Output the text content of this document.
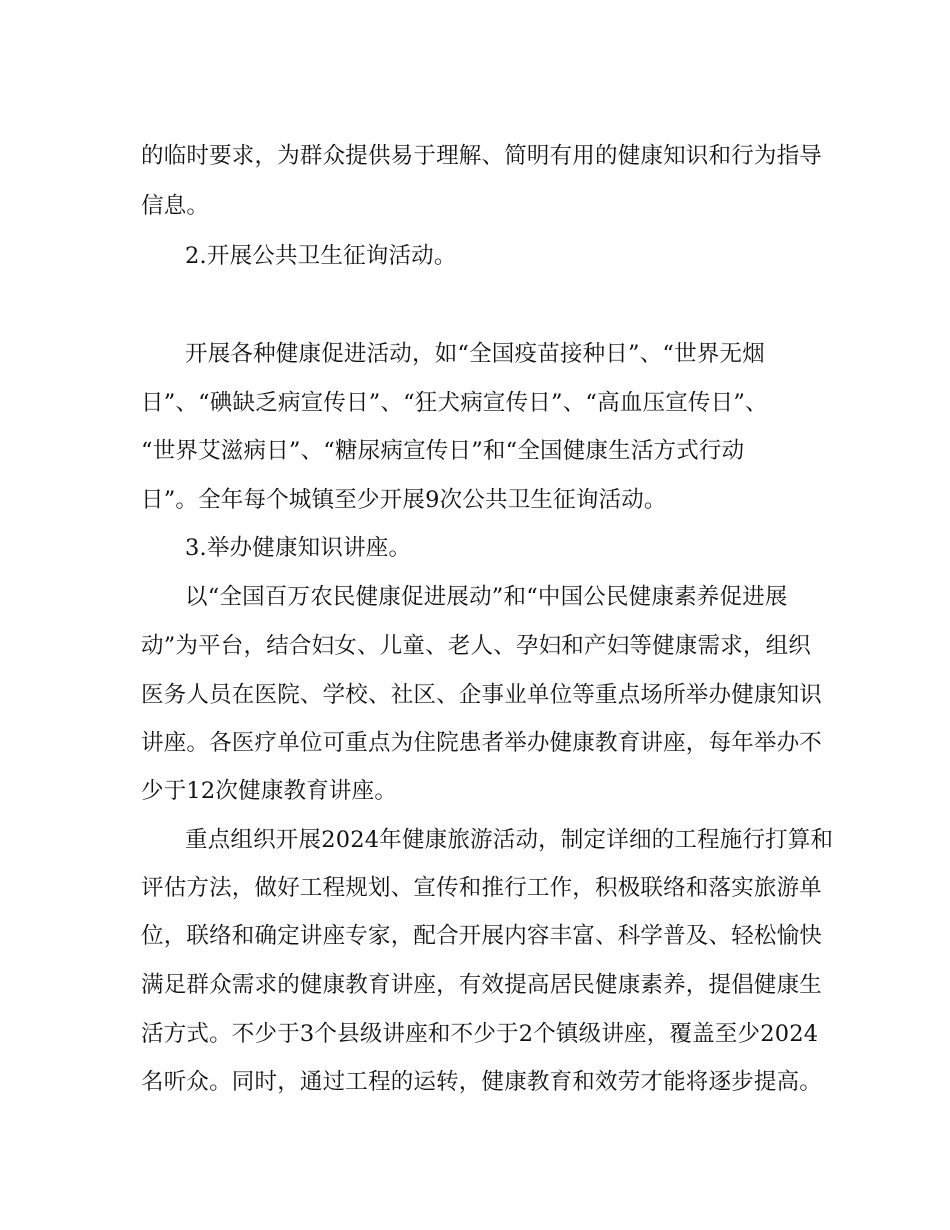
的临时要求，为群众提供易于理解、简明有用的健康知识和行为指导
信息。
2.开展公共卫生征询活动。
开展各种健康促进活动，如“全国疫苗接种日”、“世界无烟
日”、“碘缺乏病宣传日”、“狂犬病宣传日”、“高血压宣传日”、
“世界艾滋病日”、“糖尿病宣传日”和“全国健康生活方式行动
日”。全年每个城镇至少开展9次公共卫生征询活动。
3.举办健康知识讲座。
以“全国百万农民健康促进展动”和“中国公民健康素养促进展
动”为平台，结合妇女、儿童、老人、孕妇和产妇等健康需求，组织
医务人员在医院、学校、社区、企事业单位等重点场所举办健康知识
讲座。各医疗单位可重点为住院患者举办健康教育讲座，每年举办不
少于12次健康教育讲座。
重点组织开展2024年健康旅游活动，制定详细的工程施行打算和
评估方法，做好工程规划、宣传和推行工作，积极联络和落实旅游单
位，联络和确定讲座专家，配合开展内容丰富、科学普及、轻松愉快
满足群众需求的健康教育讲座，有效提高居民健康素养，提倡健康生
活方式。不少于3个县级讲座和不少于2个镇级讲座，覆盖至少2024
名听众。同时，通过工程的运转，健康教育和效劳才能将逐步提高。
